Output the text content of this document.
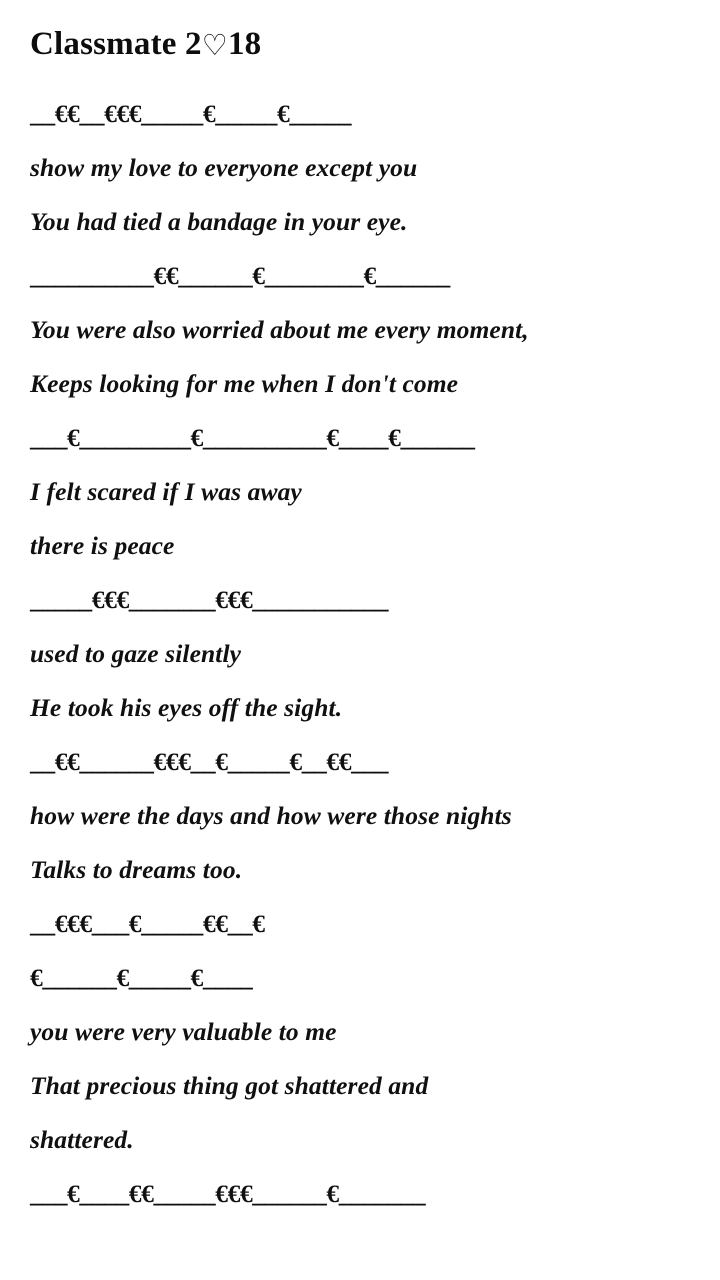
Classmate 2♡18
__€€__€€€_____€_____€_____
show my love to everyone except you
You had tied a bandage in your eye.
__________€€______€________€______
You were also worried about me every moment,
Keeps looking for me when I don't come
___€_________€__________€____€______
I felt scared if I was away
there is peace
_____€€€_______€€€___________
used to gaze silently
He took his eyes off the sight.
__€€______€€€__€_____€__€€___
how were the days and how were those nights
Talks to dreams too.
__€€€___€_____€€__€
€______€_____€____
you were very valuable to me
That precious thing got shattered and
shattered.
___€____€€_____€€€______€_______
